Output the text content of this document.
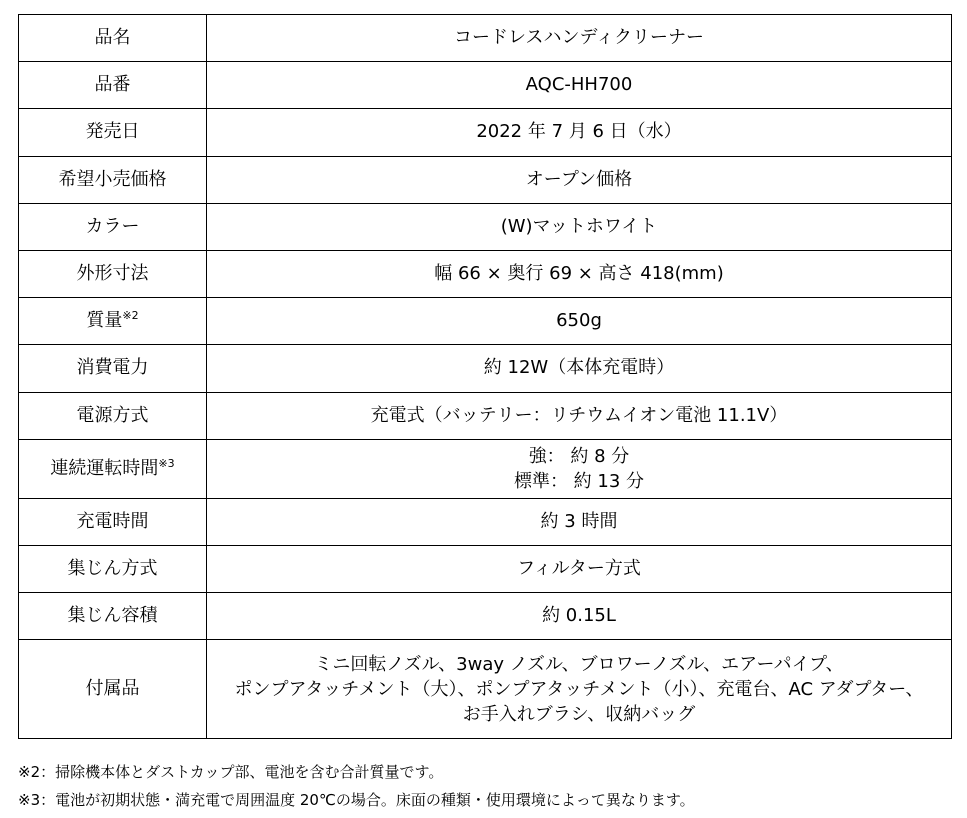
品名	コードレスハンディクリーナー
品番	AQC-HH700
発売日	2022 年 7 月 6 日（水）
希望小売価格	オープン価格
カラー	(W)マットホワイト
外形寸法	幅 66 × 奥行 69 × 高さ 418(mm)
質量$^{※2}$	650g
消費電力	約 12W（本体充電時）
電源方式	充電式（バッテリー：リチウムイオン電池 11.1V）
連続運転時間$^{※3}$	強： 約 8 分
標準： 約 13 分

充電時間	約 3 時間
集じん方式	フィルター方式
集じん容積	約 0.15L
付属品	ミニ回転ノズル、3way ノズル、ブロワーノズル、エアーパイプ、
ポンプアタッチメント（大）、ポンプアタッチメント（小）、充電台、AC アダプター、
お手入れブラシ、収納バッグ
※2：掃除機本体とダストカップ部、電池を含む合計質量です。
※3：電池が初期状態・満充電で周囲温度 20℃の場合。床面の種類・使用環境によって異なります。
